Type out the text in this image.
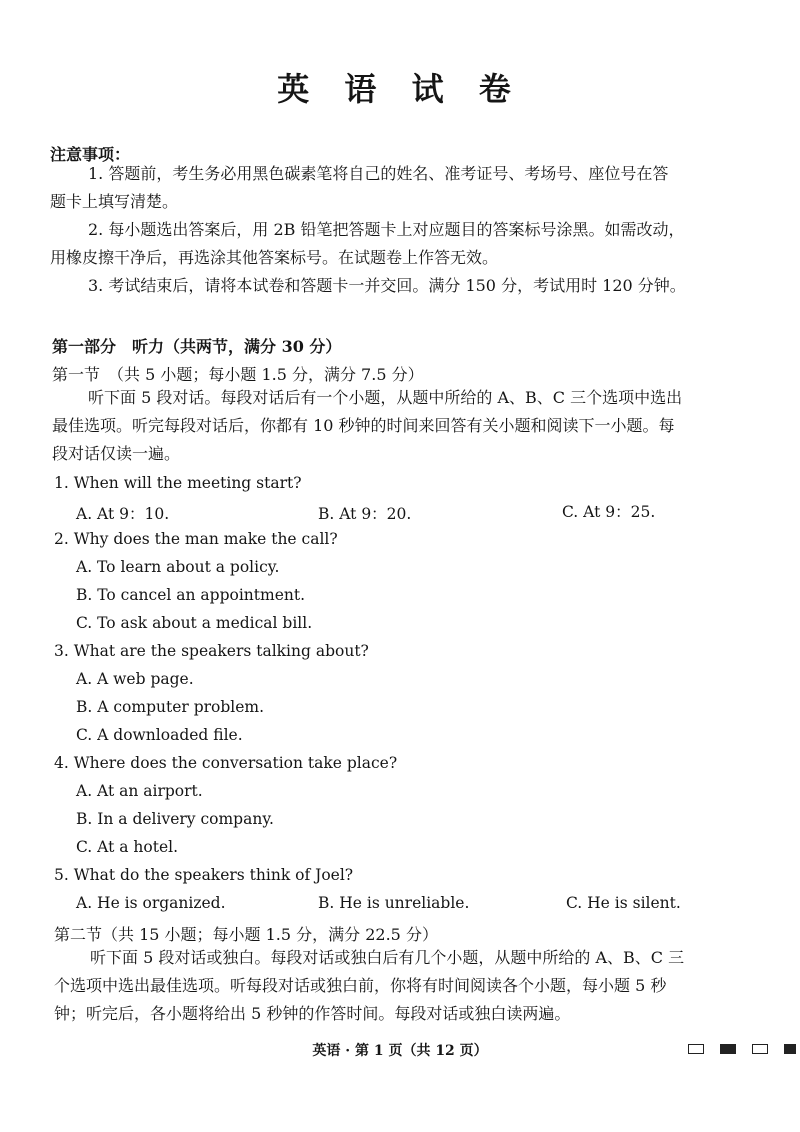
英 语 试 卷
注意事项：
1. 答题前，考生务必用黑色碳素笔将自己的姓名、准考证号、考场号、座位号在答
题卡上填写清楚。
2. 每小题选出答案后，用 2B 铅笔把答题卡上对应题目的答案标号涂黑。如需改动，
用橡皮擦干净后，再选涂其他答案标号。在试题卷上作答无效。
3. 考试结束后，请将本试卷和答题卡一并交回。满分 150 分，考试用时 120 分钟。
第一部分　听力（共两节，满分 30 分）
第一节　（共 5 小题；每小题 1.5 分，满分 7.5 分）
听下面 5 段对话。每段对话后有一个小题，从题中所给的 A、B、C 三个选项中选出
最佳选项。听完每段对话后，你都有 10 秒钟的时间来回答有关小题和阅读下一小题。每
段对话仅读一遍。
1. When will the meeting start?
A. At 9：10.	B. At 9：20.	C. At 9：25.
2. Why does the man make the call?
A. To learn about a policy.
B. To cancel an appointment.
C. To ask about a medical bill.
3. What are the speakers talking about?
A. A web page.
B. A computer problem.
C. A downloaded file.
4. Where does the conversation take place?
A. At an airport.
B. In a delivery company.
C. At a hotel.
5. What do the speakers think of Joel?
A. He is organized.	B. He is unreliable.	C. He is silent.
第二节（共 15 小题；每小题 1.5 分，满分 22.5 分）
听下面 5 段对话或独白。每段对话或独白后有几个小题，从题中所给的 A、B、C 三
个选项中选出最佳选项。听每段对话或独白前，你将有时间阅读各个小题，每小题 5 秒
钟；听完后，各小题将给出 5 秒钟的作答时间。每段对话或独白读两遍。
英语 · 第 1 页（共 12 页）
